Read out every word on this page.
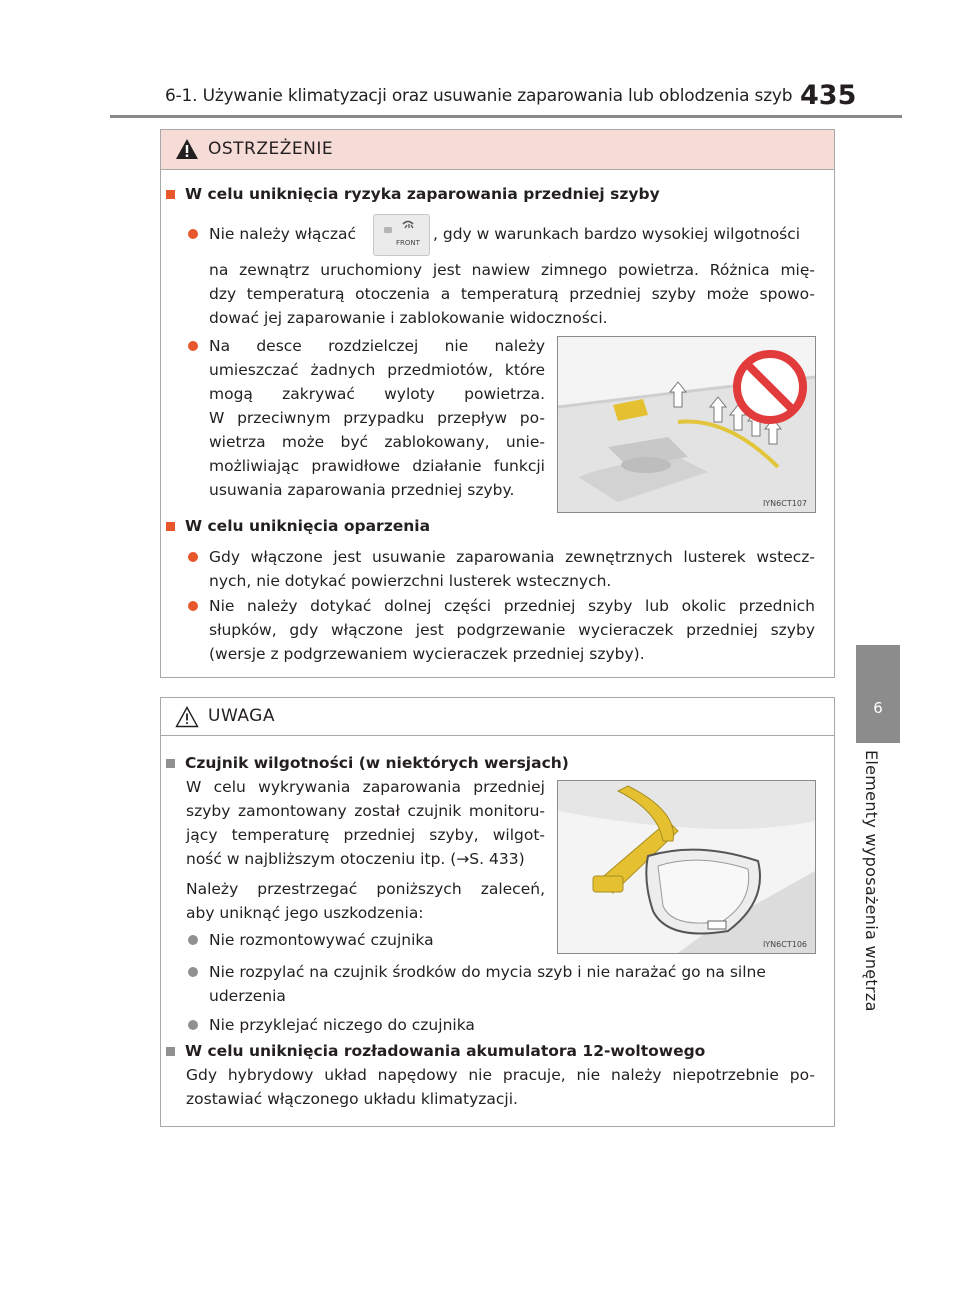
6-1. Używanie klimatyzacji oraz usuwanie zaparowania lub oblodzenia szyb 435
6
Elementy wyposażenia wnętrza
OSTRZEŻENIE
W celu uniknięcia ryzyka zaparowania przedniej szyby
Nie należy włączać	FRONT , gdy w warunkach bardzo wysokiej wilgotności
na zewnątrz uruchomiony jest nawiew zimnego powietrza. Różnica mię-
dzy temperaturą otoczenia a temperaturą przedniej szyby może spowo-
dować jej zaparowanie i zablokowanie widoczności.
Na desce rozdzielczej nie należy
umieszczać żadnych przedmiotów, które
mogą zakrywać wyloty powietrza.
W przeciwnym przypadku przepływ po-
wietrza może być zablokowany, unie-
możliwiając prawidłowe działanie funkcji
usuwania zaparowania przedniej szyby.
IYN6CT107
W celu uniknięcia oparzenia
Gdy włączone jest usuwanie zaparowania zewnętrznych lusterek wstecz-
nych, nie dotykać powierzchni lusterek wstecznych.
Nie należy dotykać dolnej części przedniej szyby lub okolic przednich
słupków, gdy włączone jest podgrzewanie wycieraczek przedniej szyby
(wersje z podgrzewaniem wycieraczek przedniej szyby).
UWAGA
Czujnik wilgotności (w niektórych wersjach)
W celu wykrywania zaparowania przedniej
szyby zamontowany został czujnik monitoru-
jący temperaturę przedniej szyby, wilgot-
ność w najbliższym otoczeniu itp. (→S. 433)
Należy przestrzegać poniższych zaleceń,
aby uniknąć jego uszkodzenia:
Nie rozmontowywać czujnika	IYN6CT106
Nie rozpylać na czujnik środków do mycia szyb i nie narażać go na silne
uderzenia
Nie przyklejać niczego do czujnika
W celu uniknięcia rozładowania akumulatora 12-woltowego
Gdy hybrydowy układ napędowy nie pracuje, nie należy niepotrzebnie po-
zostawiać włączonego układu klimatyzacji.
